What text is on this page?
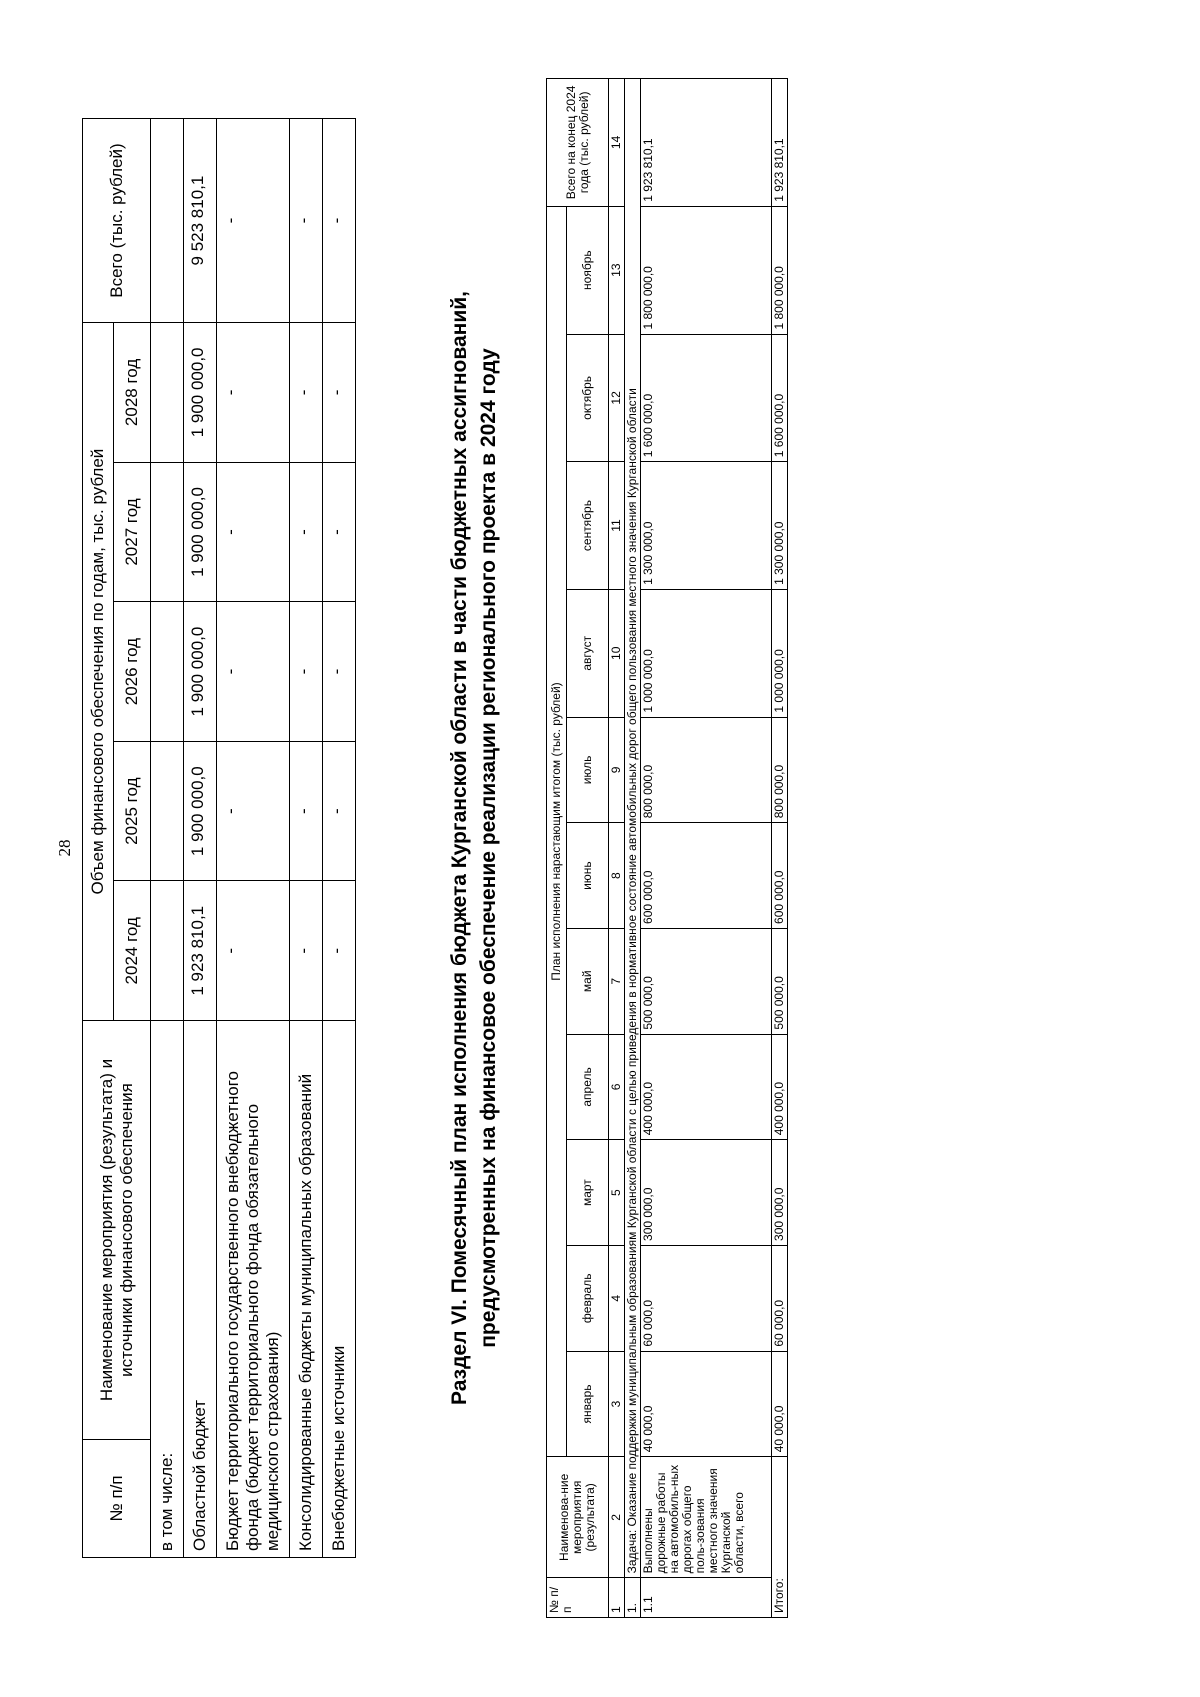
28
№ п/п	Наименование мероприятия (результата) и источники финансового обеспечения	Объем финансового обеспечения по годам, тыс. рублей					Всего (тыс. рублей)
		2024 год	2025 год	2026 год	2027 год	2028 год	
в том числе:							
Областной бюджет		1 923 810,1	1 900 000,0	1 900 000,0	1 900 000,0	1 900 000,0	9 523 810,1
Бюджет территориального государственного внебюджетного фонда (бюджет территориального фонда обязательного медицинского страхования)		-	-	-	-	-	-
Консолидированные бюджеты муниципальных образований		-	-	-	-	-	-
Внебюджетные источники		-	-	-	-	-	-
Раздел VI. Помесячный план исполнения бюджета Курганской области в части бюджетных ассигнований, предусмотренных на финансовое обеспечение реализации регионального проекта в 2024 году
№ п/п	Наименова-ние мероприятия (результата)	План исполнения нарастающим итогом (тыс. рублей)											Всего на конец 2024 года (тыс. рублей)
		январь	февраль	март	апрель	май	июнь	июль	август	сентябрь	октябрь	ноябрь	
1	2	3	4	5	6	7	8	9	10	11	12	13	14
1.	Задача: Оказание поддержки муниципальным образованиям Курганской области с целью приведения в нормативное состояние автомобильных дорог общего пользования местного значения Курганской области												
1.1	Выполнены дорожные работы на автомобиль-ных дорогах общего поль-зования местного значения Курганской области, всего	40 000,0	60 000,0	300 000,0	400 000,0	500 000,0	600 000,0	800 000,0	1 000 000,0	1 300 000,0	1 600 000,0	1 800 000,0	1 923 810,1
Итого:		40 000,0	60 000,0	300 000,0	400 000,0	500 000,0	600 000,0	800 000,0	1 000 000,0	1 300 000,0	1 600 000,0	1 800 000,0	1 923 810,1
